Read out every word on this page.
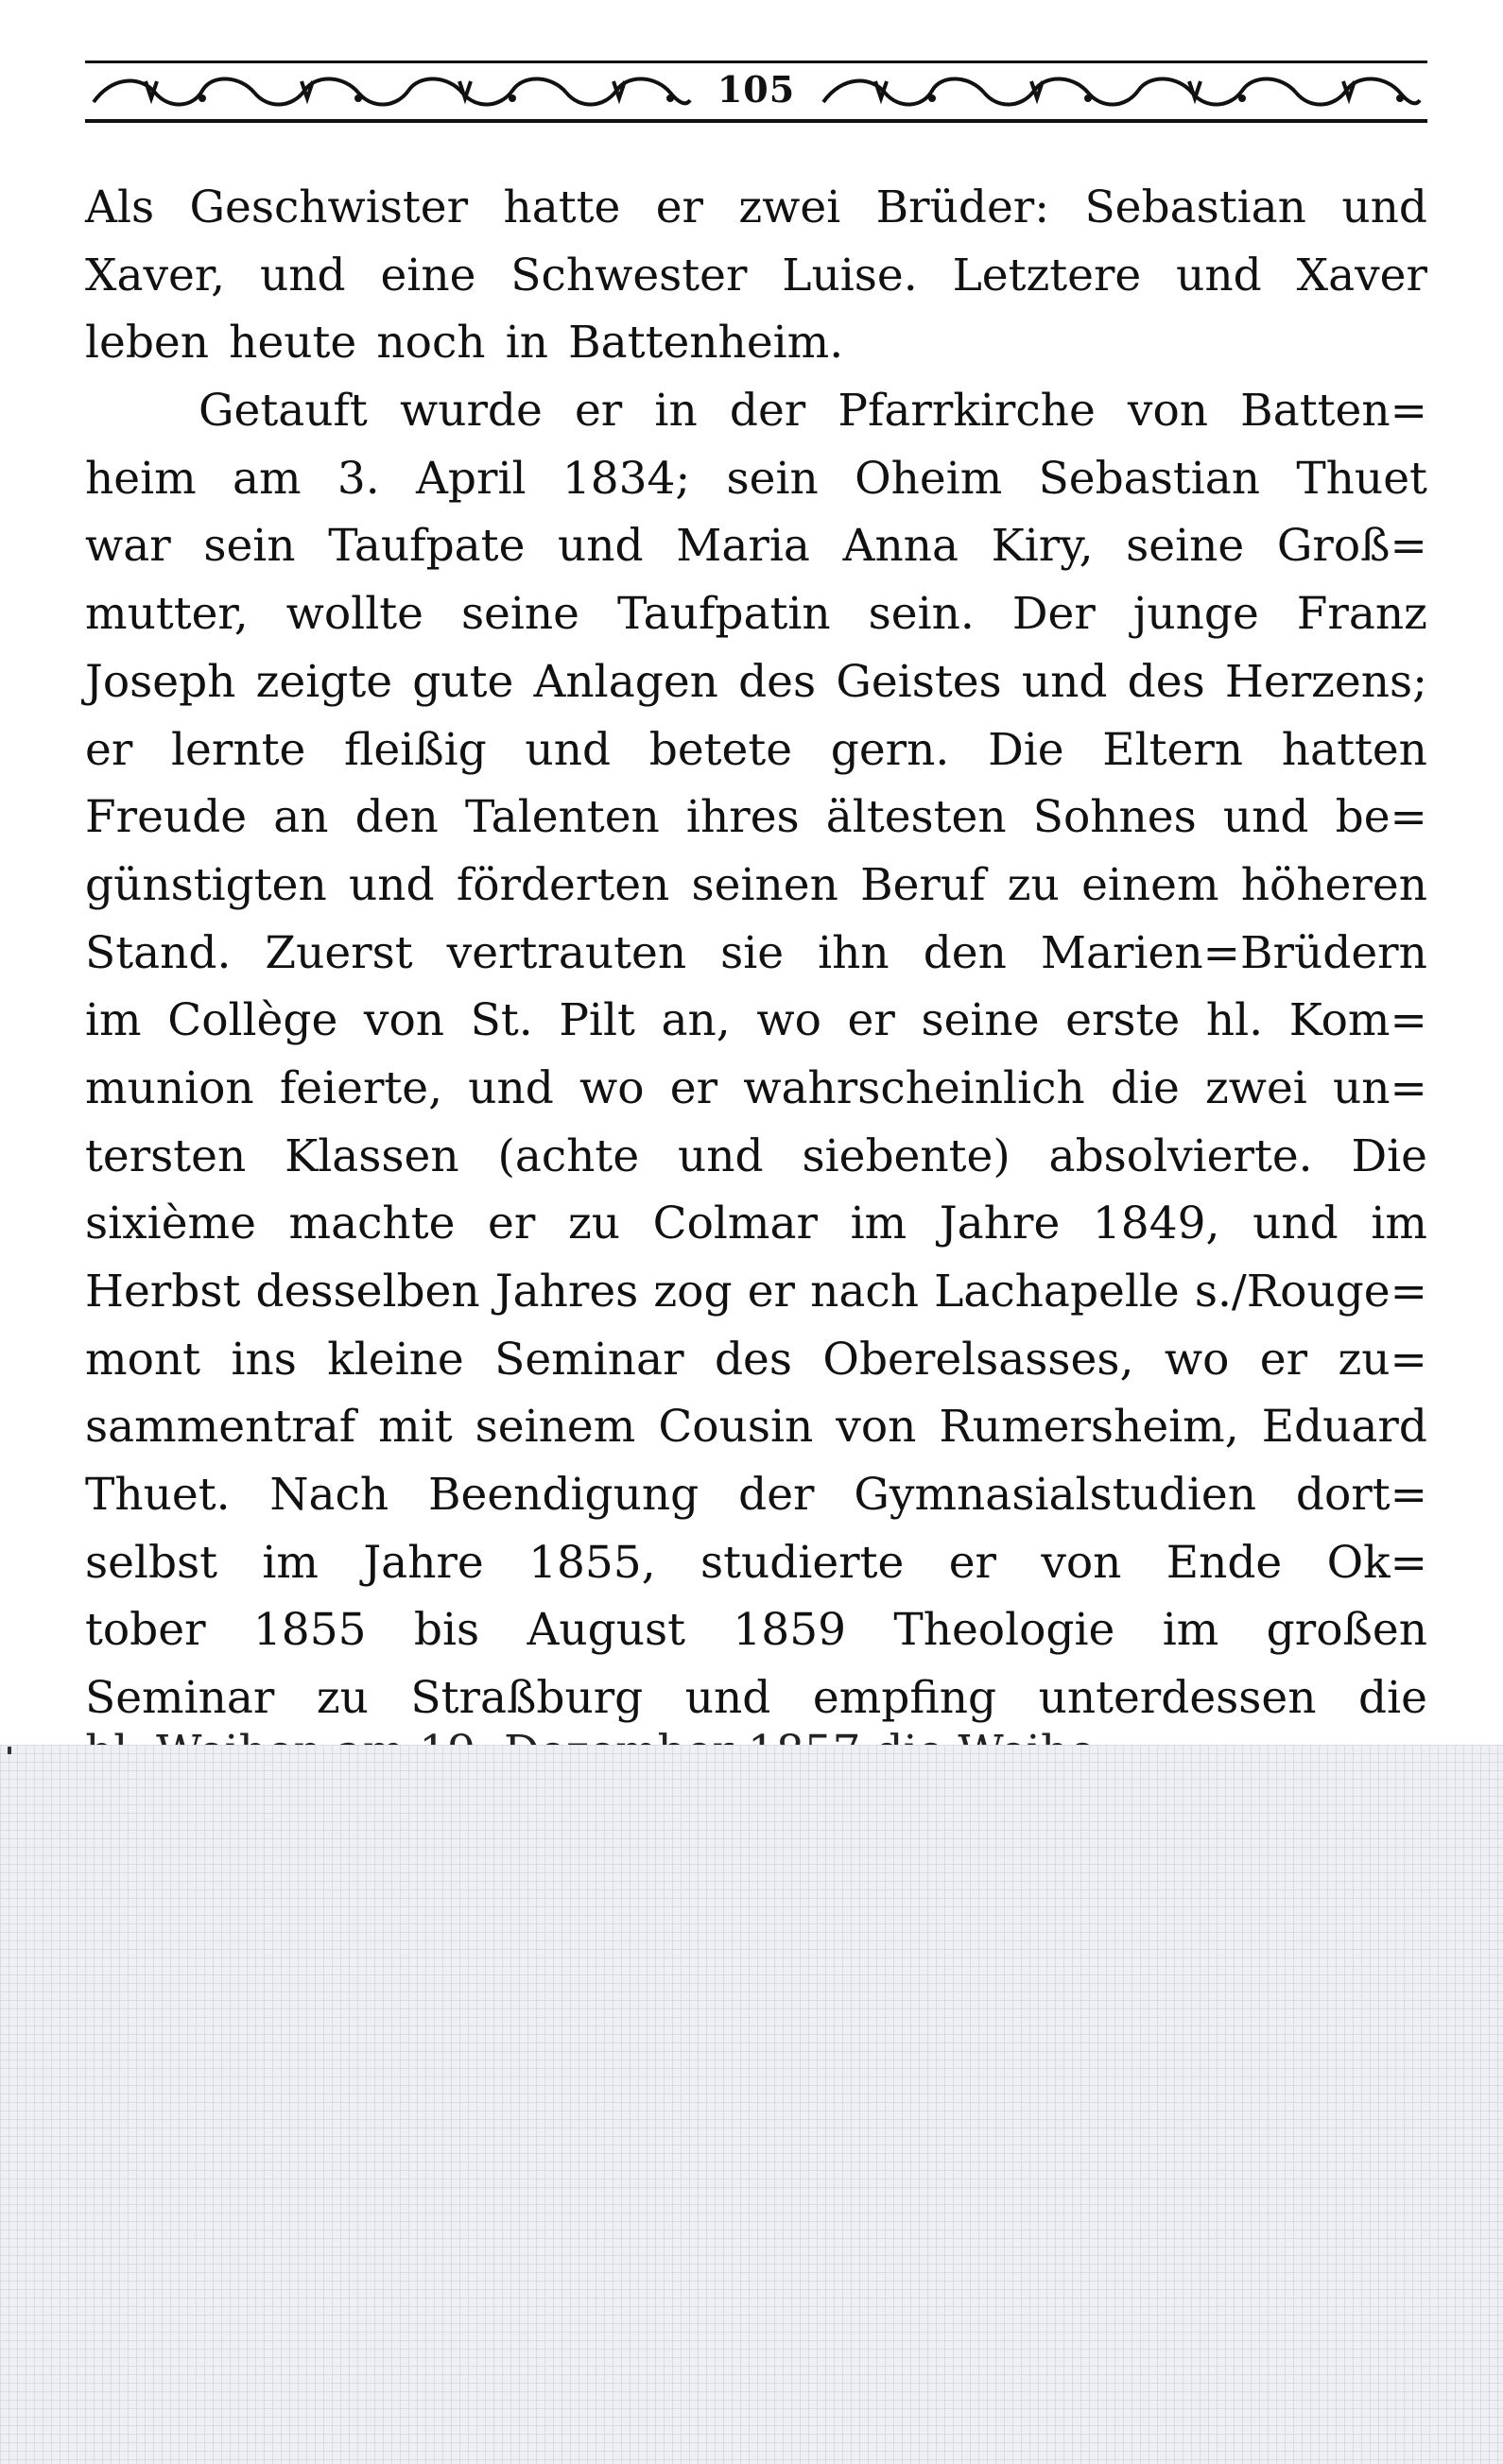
105
Als Geschwister hatte er zwei Brüder: Sebastian und
Xaver, und eine Schwester Luise. Letztere und Xaver
leben heute noch in Battenheim.
Getauft wurde er in der Pfarrkirche von Batten=
heim am 3. April 1834; sein Oheim Sebastian Thuet
war sein Taufpate und Maria Anna Kiry, seine Groß=
mutter, wollte seine Taufpatin sein. Der junge Franz
Joseph zeigte gute Anlagen des Geistes und des Herzens;
er lernte fleißig und betete gern. Die Eltern hatten
Freude an den Talenten ihres ältesten Sohnes und be=
günstigten und förderten seinen Beruf zu einem höheren
Stand. Zuerst vertrauten sie ihn den Marien=Brüdern
im Collège von St. Pilt an, wo er seine erste hl. Kom=
munion feierte, und wo er wahrscheinlich die zwei un=
tersten Klassen (achte und siebente) absolvierte. Die
sixième machte er zu Colmar im Jahre 1849, und im
Herbst desselben Jahres zog er nach Lachapelle s./Rouge=
mont ins kleine Seminar des Oberelsasses, wo er zu=
sammentraf mit seinem Cousin von Rumersheim, Eduard
Thuet. Nach Beendigung der Gymnasialstudien dort=
selbst im Jahre 1855, studierte er von Ende Ok=
tober 1855 bis August 1859 Theologie im großen
Seminar zu Straßburg und empfing unterdessen die
